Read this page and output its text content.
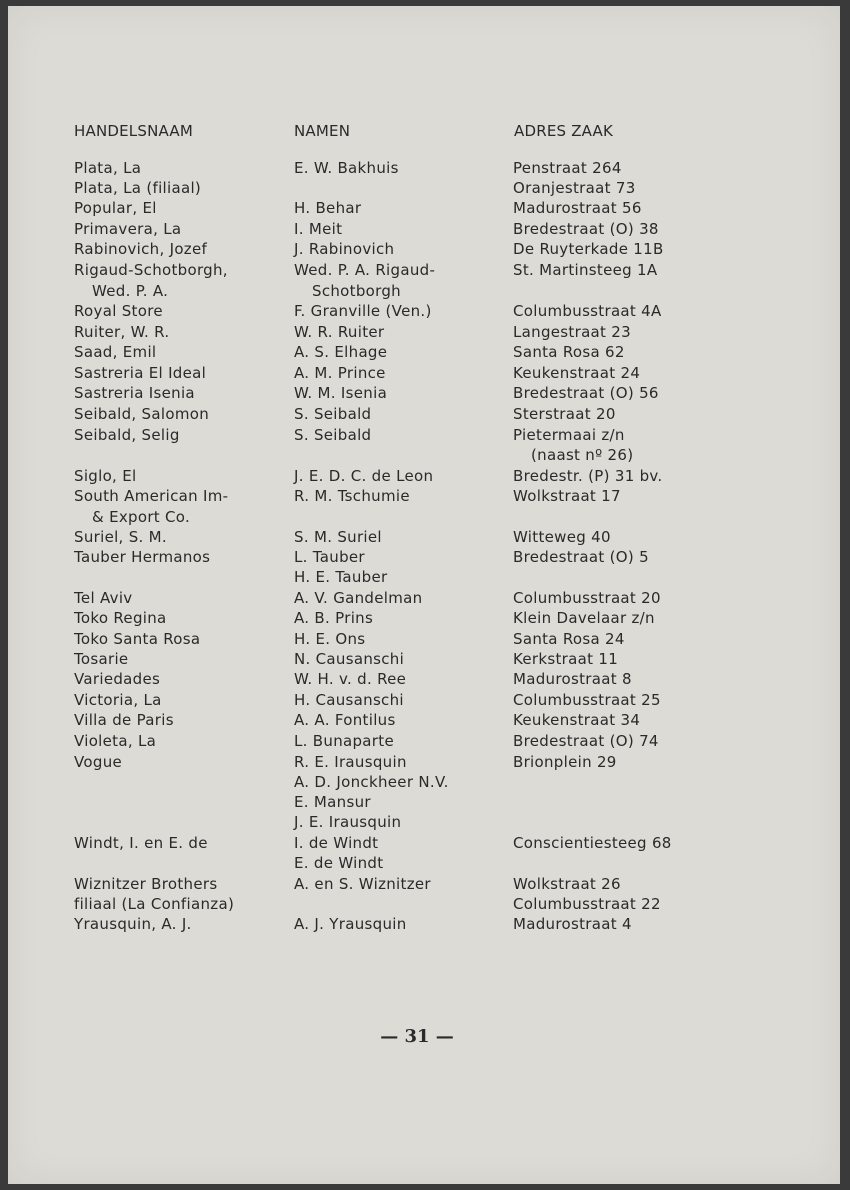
HANDELSNAAM	NAMEN	ADRES ZAAK
Plata, La
Plata, La (filiaal)
Popular, El
Primavera, La
Rabinovich, Jozef
Rigaud-Schotborgh,
Wed. P. A.
Royal Store
Ruiter, W. R.
Saad, Emil
Sastreria El Ideal
Sastreria Isenia
Seibald, Salomon
Seibald, Selig
Siglo, El
South American Im-
& Export Co.
Suriel, S. M.
Tauber Hermanos
Tel Aviv
Toko Regina
Toko Santa Rosa
Tosarie
Variedades
Victoria, La
Villa de Paris
Violeta, La
Vogue
Windt, I. en E. de
Wiznitzer Brothers
filiaal (La Confianza)
Yrausquin, A. J.
E. W. Bakhuis
H. Behar
I. Meit
J. Rabinovich
Wed. P. A. Rigaud-
Schotborgh
F. Granville (Ven.)
W. R. Ruiter
A. S. Elhage
A. M. Prince
W. M. Isenia
S. Seibald
S. Seibald
J. E. D. C. de Leon
R. M. Tschumie
S. M. Suriel
L. Tauber
H. E. Tauber
A. V. Gandelman
A. B. Prins
H. E. Ons
N. Causanschi
W. H. v. d. Ree
H. Causanschi
A. A. Fontilus
L. Bunaparte
R. E. Irausquin
A. D. Jonckheer N.V.
E. Mansur
J. E. Irausquin
I. de Windt
E. de Windt
A. en S. Wiznitzer
A. J. Yrausquin
Penstraat 264
Oranjestraat 73
Madurostraat 56
Bredestraat (O) 38
De Ruyterkade 11B
St. Martinsteeg 1A
Columbusstraat 4A
Langestraat 23
Santa Rosa 62
Keukenstraat 24
Bredestraat (O) 56
Sterstraat 20
Pietermaai z/n
(naast nº 26)
Bredestr. (P) 31 bv.
Wolkstraat 17
Witteweg 40
Bredestraat (O) 5
Columbusstraat 20
Klein Davelaar z/n
Santa Rosa 24
Kerkstraat 11
Madurostraat 8
Columbusstraat 25
Keukenstraat 34
Bredestraat (O) 74
Brionplein 29
Conscientiesteeg 68
Wolkstraat 26
Columbusstraat 22
Madurostraat 4
— 31 —
